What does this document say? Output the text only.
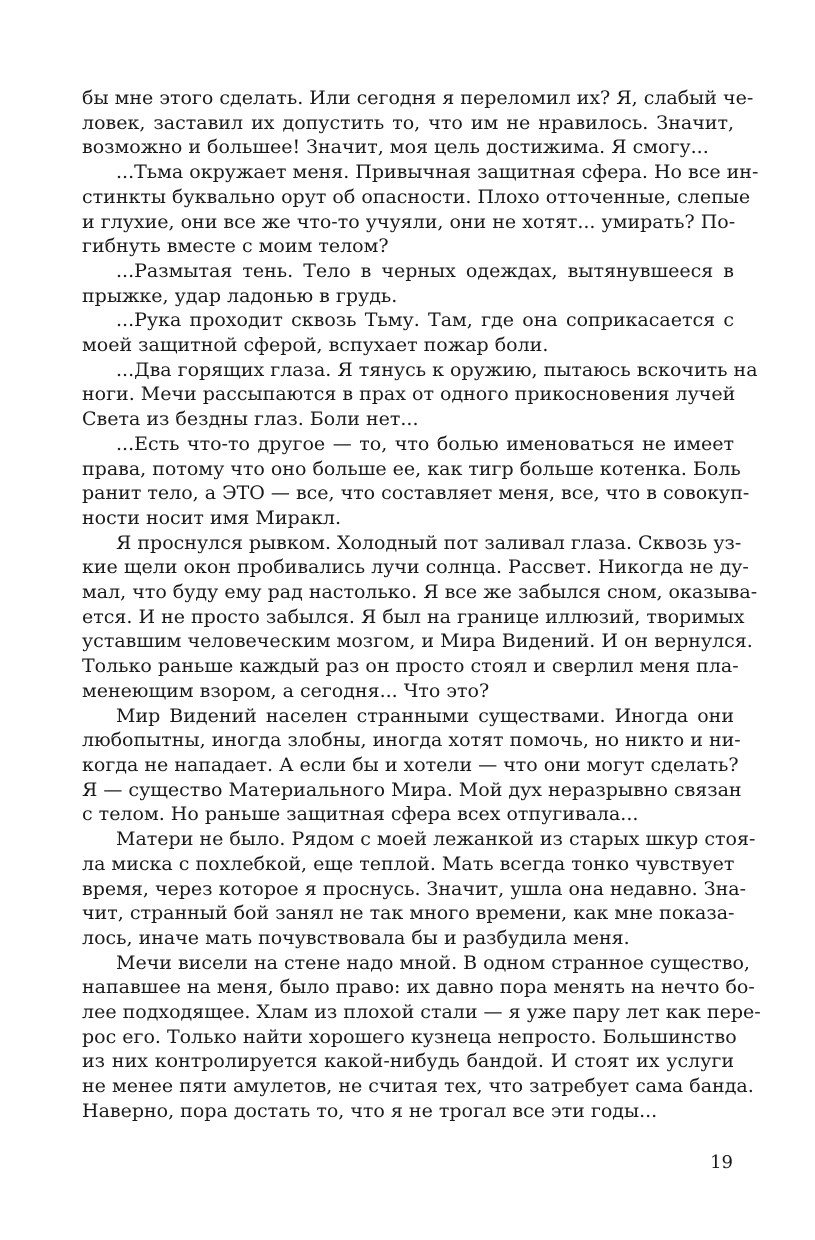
бы мне этого сделать. Или сегодня я переломил их? Я, слабый че-
ловек, заставил их допустить то, что им не нравилось. Значит,
возможно и большее! Значит, моя цель достижима. Я смогу...
...Тьма окружает меня. Привычная защитная сфера. Но все ин-
стинкты буквально орут об опасности. Плохо отточенные, слепые
и глухие, они все же что-то учуяли, они не хотят... умирать? По-
гибнуть вместе с моим телом?
...Размытая тень. Тело в черных одеждах, вытянувшееся в
прыжке, удар ладонью в грудь.
...Рука проходит сквозь Тьму. Там, где она соприкасается с
моей защитной сферой, вспухает пожар боли.
...Два горящих глаза. Я тянусь к оружию, пытаюсь вскочить на
ноги. Мечи рассыпаются в прах от одного прикосновения лучей
Света из бездны глаз. Боли нет...
...Есть что-то другое — то, что болью именоваться не имеет
права, потому что оно больше ее, как тигр больше котенка. Боль
ранит тело, а ЭТО — все, что составляет меня, все, что в совокуп-
ности носит имя Миракл.
Я проснулся рывком. Холодный пот заливал глаза. Сквозь уз-
кие щели окон пробивались лучи солнца. Рассвет. Никогда не ду-
мал, что буду ему рад настолько. Я все же забылся сном, оказыва-
ется. И не просто забылся. Я был на границе иллюзий, творимых
уставшим человеческим мозгом, и Мира Видений. И он вернулся.
Только раньше каждый раз он просто стоял и сверлил меня пла-
менеющим взором, а сегодня... Что это?
Мир Видений населен странными существами. Иногда они
любопытны, иногда злобны, иногда хотят помочь, но никто и ни-
когда не нападает. А если бы и хотели — что они могут сделать?
Я — существо Материального Мира. Мой дух неразрывно связан
с телом. Но раньше защитная сфера всех отпугивала...
Матери не было. Рядом с моей лежанкой из старых шкур стоя-
ла миска с похлебкой, еще теплой. Мать всегда тонко чувствует
время, через которое я проснусь. Значит, ушла она недавно. Зна-
чит, странный бой занял не так много времени, как мне показа-
лось, иначе мать почувствовала бы и разбудила меня.
Мечи висели на стене надо мной. В одном странное существо,
напавшее на меня, было право: их давно пора менять на нечто бо-
лее подходящее. Хлам из плохой стали — я уже пару лет как перe-
рос его. Только найти хорошего кузнеца непросто. Большинство
из них контролируется какой-нибудь бандой. И стоят их услуги
не менее пяти амулетов, не считая тех, что затребует сама банда.
Наверно, пора достать то, что я не трогал все эти годы...
19
